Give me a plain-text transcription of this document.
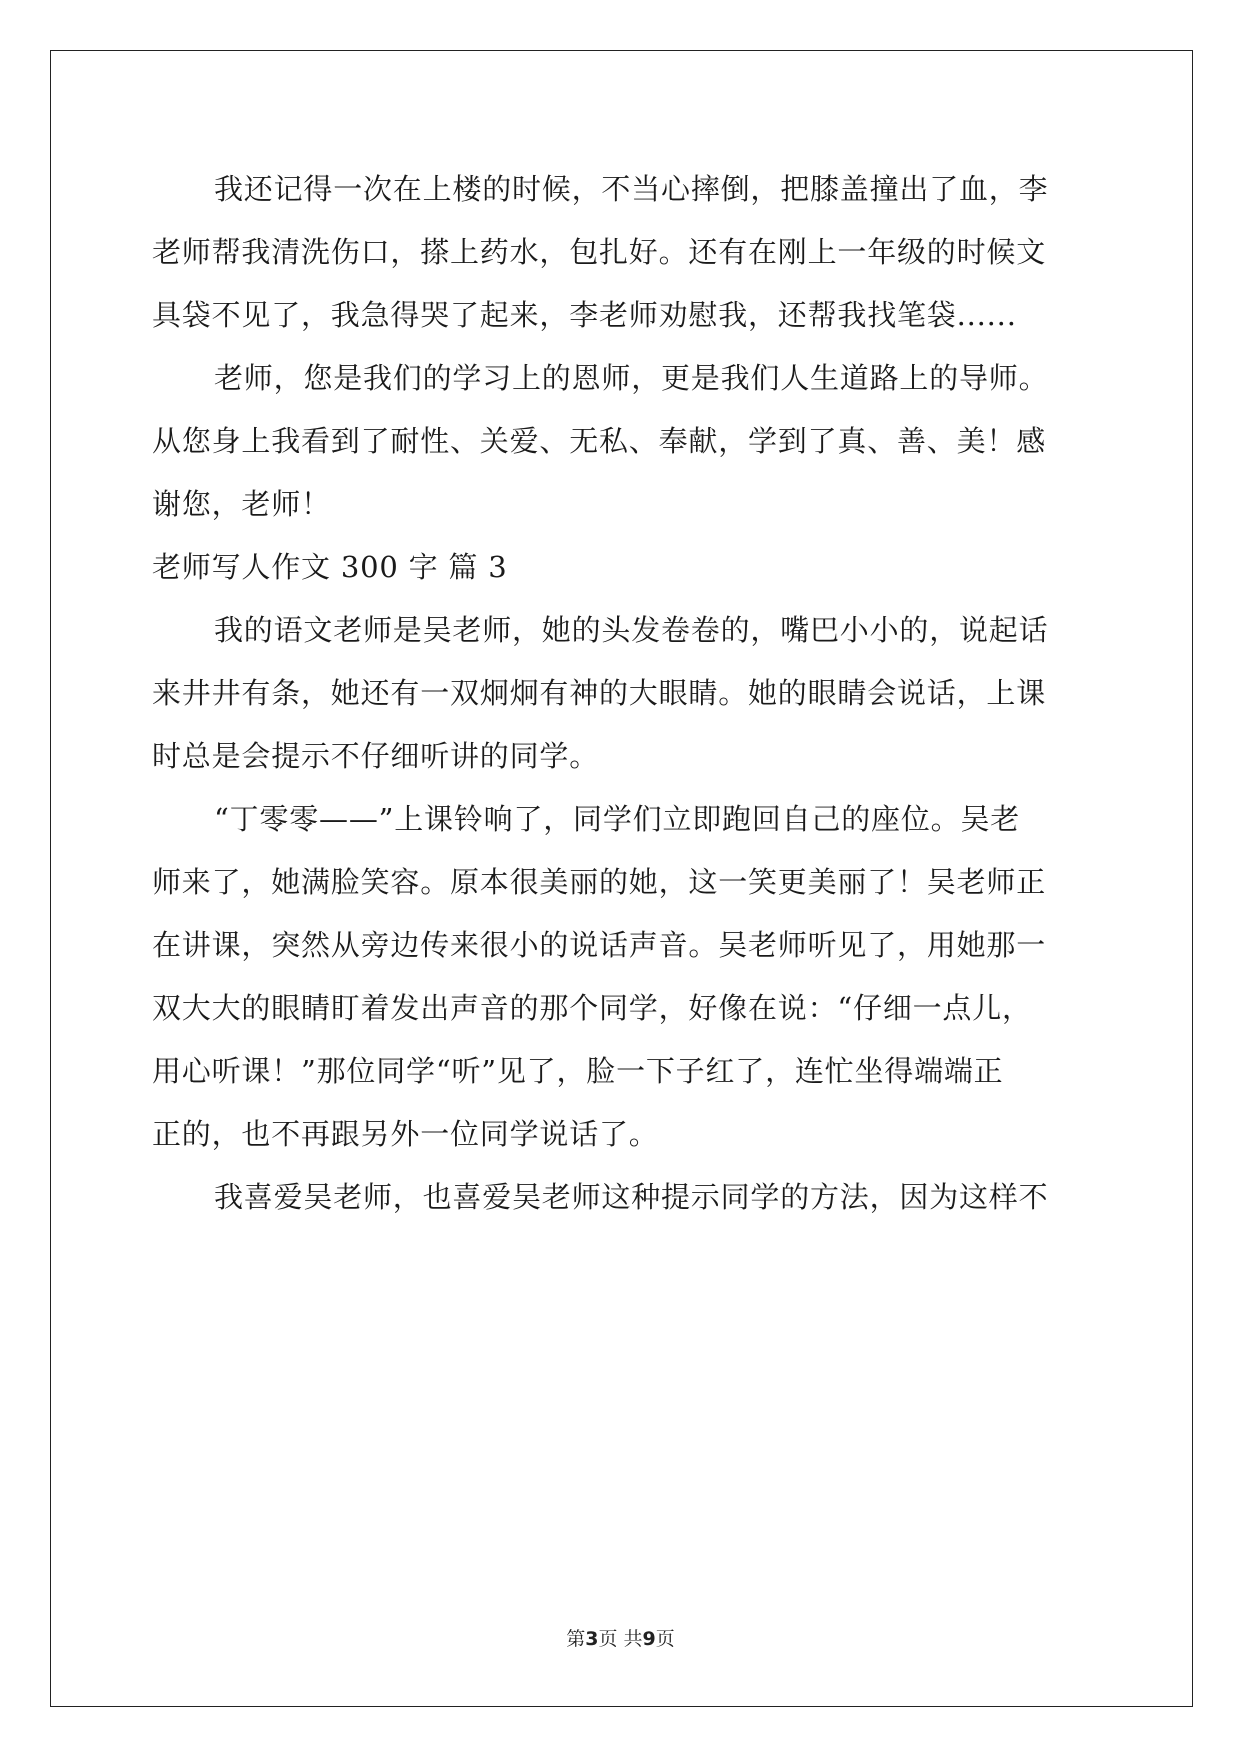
我还记得一次在上楼的时候，不当心摔倒，把膝盖撞出了血，李
老师帮我清洗伤口，搽上药水，包扎好。还有在刚上一年级的时候文
具袋不见了，我急得哭了起来，李老师劝慰我，还帮我找笔袋......
老师，您是我们的学习上的恩师，更是我们人生道路上的导师。
从您身上我看到了耐性、关爱、无私、奉献，学到了真、善、美！感
谢您，老师！
老师写人作文 300 字 篇 3
我的语文老师是吴老师，她的头发卷卷的，嘴巴小小的，说起话
来井井有条，她还有一双炯炯有神的大眼睛。她的眼睛会说话，上课
时总是会提示不仔细听讲的同学。
“丁零零——”上课铃响了，同学们立即跑回自己的座位。吴老
师来了，她满脸笑容。原本很美丽的她，这一笑更美丽了！吴老师正
在讲课，突然从旁边传来很小的说话声音。吴老师听见了，用她那一
双大大的眼睛盯着发出声音的那个同学，好像在说：“仔细一点儿，
用心听课！”那位同学“听”见了，脸一下子红了，连忙坐得端端正
正的，也不再跟另外一位同学说话了。
我喜爱吴老师，也喜爱吴老师这种提示同学的方法，因为这样不
第3页 共9页
